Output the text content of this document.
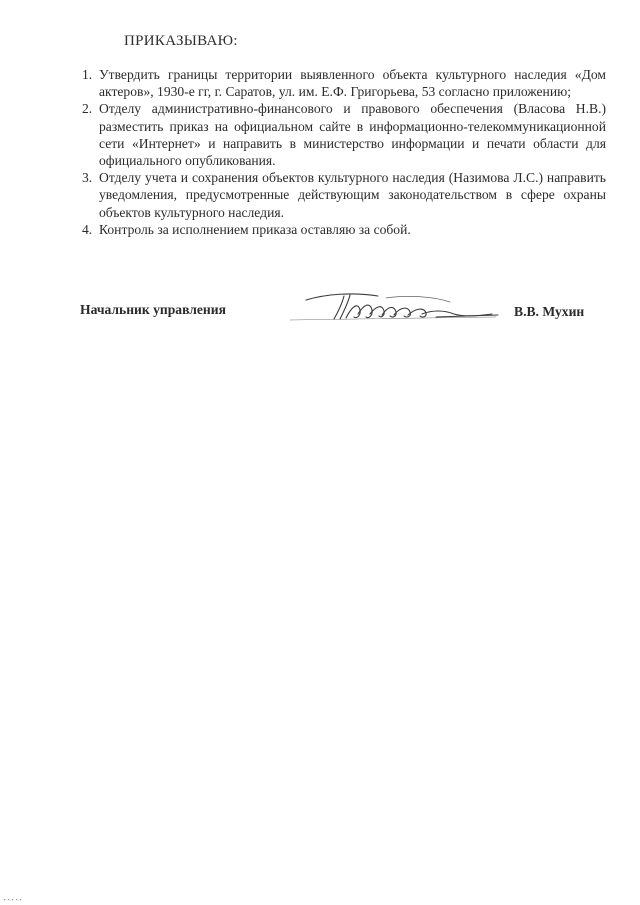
ПРИКАЗЫВАЮ:
1. Утвердить границы территории выявленного объекта культурного наследия «Дом актеров», 1930-е гг, г. Саратов, ул. им. Е.Ф. Григорьева, 53 согласно приложению;
2. Отделу административно-финансового и правового обеспечения (Власова Н.В.) разместить приказ на официальном сайте в информационно-телекоммуникационной сети «Интернет» и направить в министерство информации и печати области для официального опубликования.
3. Отделу учета и сохранения объектов культурного наследия (Назимова Л.С.) направить уведомления, предусмотренные действующим законодательством в сфере охраны объектов культурного наследия.
4. Контроль за исполнением приказа оставляю за собой.
Начальник управления	В.В. Мухин
